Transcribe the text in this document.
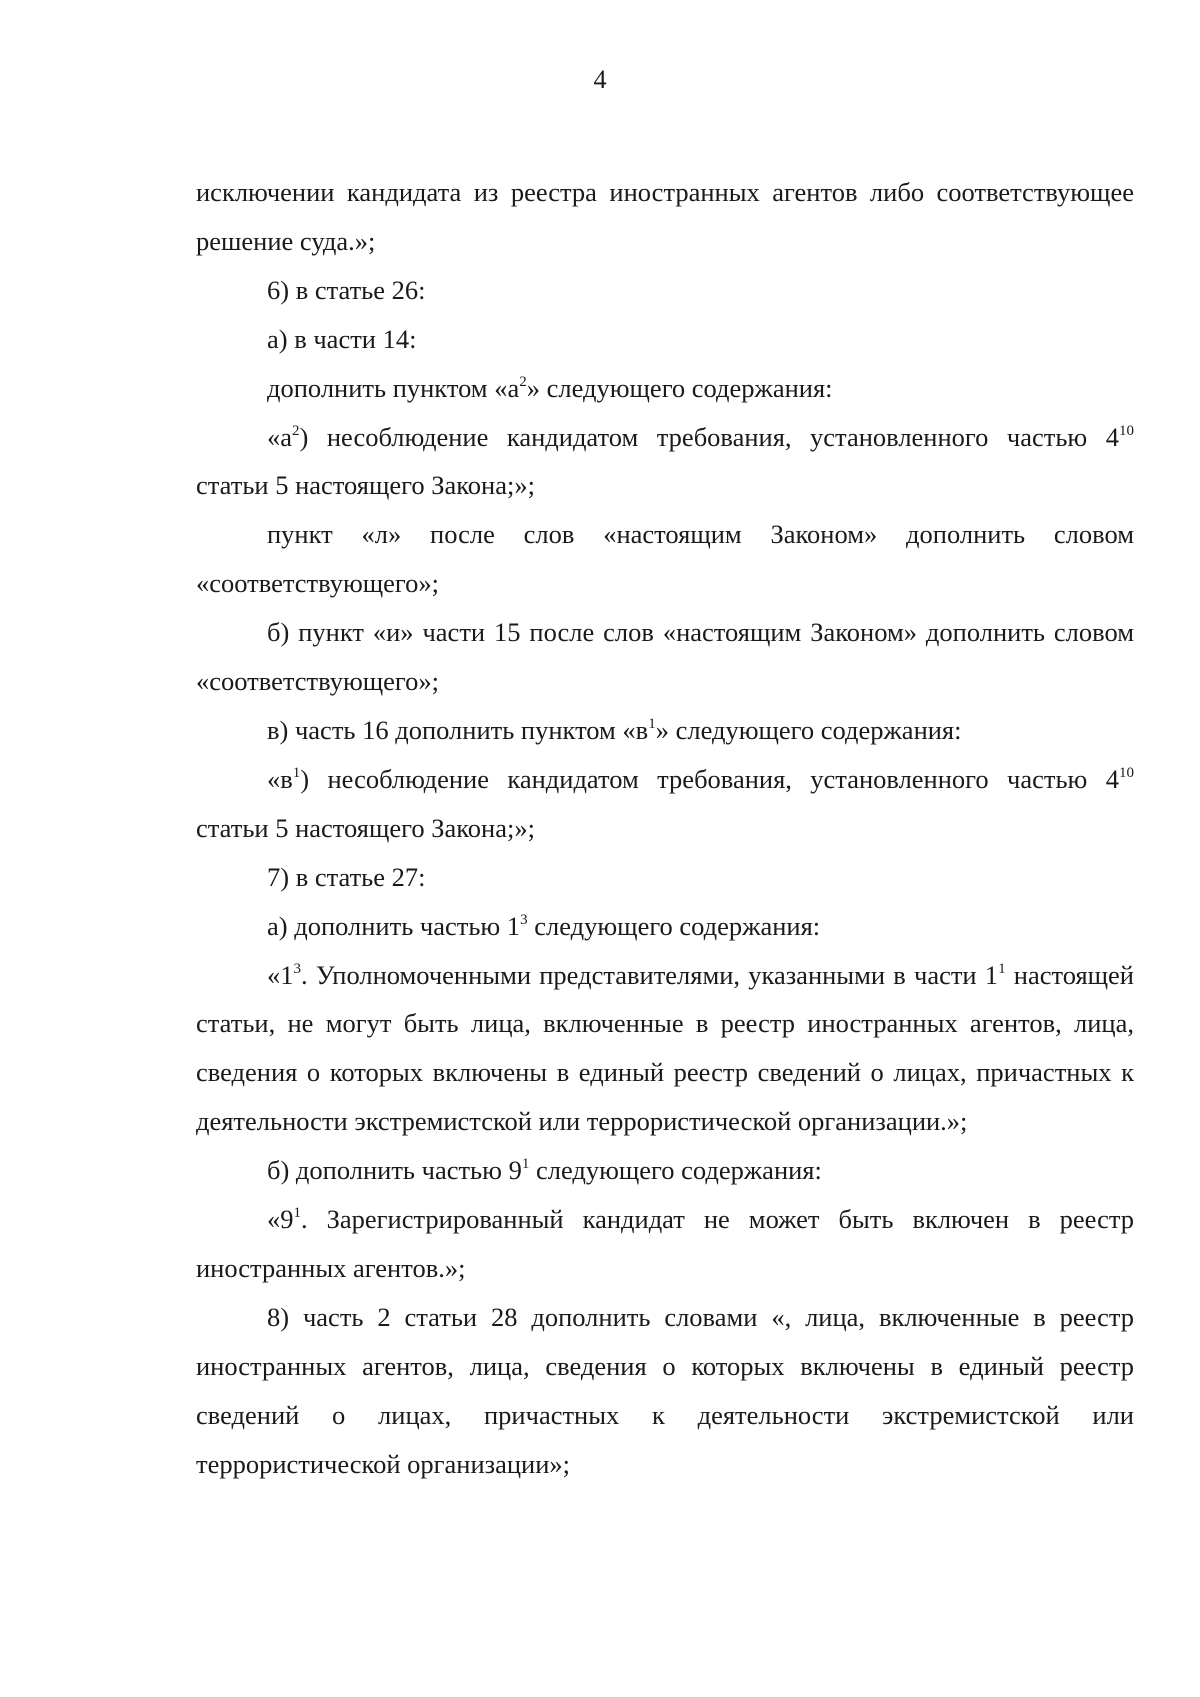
4

исключении кандидата из реестра иностранных агентов либо соответствующее решение суда.»;

6) в статье 26:

а) в части 14:

дополнить пунктом «$а^2$» следующего содержания:

«$а^2$) несоблюдение кандидатом требования, установленного частью $4^{10}$ статьи 5 настоящего Закона;»;

пункт «л» после слов «настоящим Законом» дополнить словом «соответствующего»;

б) пункт «и» части 15 после слов «настоящим Законом» дополнить словом «соответствующего»;

в) часть 16 дополнить пунктом «$в^1$» следующего содержания:

«$в^1$) несоблюдение кандидатом требования, установленного частью $4^{10}$ статьи 5 настоящего Закона;»;

7) в статье 27:

а) дополнить частью $1^3$ следующего содержания:

«$1^3$. Уполномоченными представителями, указанными в части $1^1$ настоящей статьи, не могут быть лица, включенные в реестр иностранных агентов, лица, сведения о которых включены в единый реестр сведений о лицах, причастных к деятельности экстремистской или террористической организации.»;

б) дополнить частью $9^1$ следующего содержания:

«$9^1$. Зарегистрированный кандидат не может быть включен в реестр иностранных агентов.»;

8) часть 2 статьи 28 дополнить словами «, лица, включенные в реестр иностранных агентов, лица, сведения о которых включены в единый реестр сведений о лицах, причастных к деятельности экстремистской или террористической организации»;
